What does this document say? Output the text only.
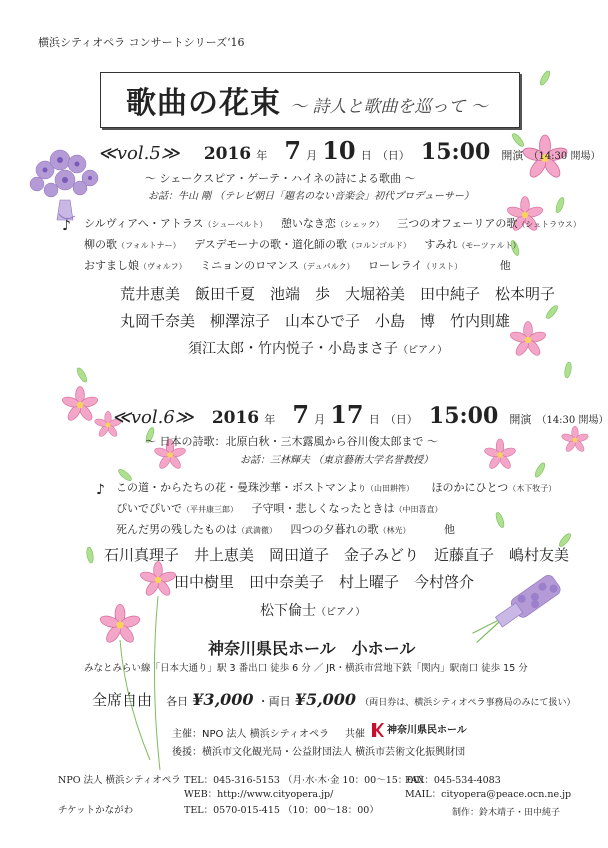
横浜シティオペラ コンサートシリーズ‘16
歌曲の花束 ～ 詩人と歌曲を巡って ～
≪vol.5≫ 2016 年 7 月 10 日 （日） 15:00 開演 （14:30 開場）
～ シェークスピア・ゲーテ・ハイネの詩による歌曲 ～
お話：牛山 剛 （テレビ朝日「題名のない音楽会」初代プロデューサー）
♪ シルヴィアへ・アトラス（シューベルト） 憩いなき恋（シェック） 三つのオフェーリアの歌（シュトラウス）
柳の歌（フォルトナー） デスデモーナの歌・道化師の歌（コルンゴルド） すみれ（モーツァルト）
おすまし娘（ヴォルフ） ミニョンのロマンス（デュパルク） ローレライ（リスト）	他
荒井恵美　飯田千夏　池端　歩　大堀裕美　田中純子　松本明子
丸岡千奈美　柳澤涼子　山本ひで子　小島　博　竹内則雄
須江太郎・竹内悦子・小島まさ子（ピアノ）
≪vol.6≫ 2016 年 7 月 17 日 （日） 15:00 開演 （14:30 開場）
～ 日本の詩歌：北原白秋・三木露風から谷川俊太郎まで ～
お話：三林輝夫 （東京藝術大学名誉教授）
♪ この道・からたちの花・曼珠沙華・ボストマンより（山田耕筰） ほのかにひとつ（木下牧子）
ぴいでぴいで（平井康三郎） 子守唄・悲しくなったときは（中田喜直）
死んだ男の残したものは（武満徹） 四つの夕暮れの歌（林光）	他
石川真理子　井上恵美　岡田道子　金子みどり　近藤直子　嶋村友美
田中樹里　田中奈美子　村上曜子　今村啓介
松下倫士（ピアノ）
神奈川県民ホール　小ホール
みなとみらい線「日本大通り」駅 3 番出口 徒歩 6 分 ／ JR・横浜市営地下鉄「関内」駅南口 徒歩 15 分
全席自由 各日 ¥3,000 ・両日 ¥5,000 （両日券は、横浜シティオペラ事務局のみにて扱い）
主催：NPO 法人 横浜シティオペラ 共催	神奈川県民ホール
後援：横浜市文化観光局・公益財団法人 横浜市芸術文化振興財団
NPO 法人 横浜シティオペラ TEL：045-316-5153 （月·水·木·金 10：00～15：00）
FAX：045-534-4083
WEB：http://www.cityopera.jp/	MAIL：cityopera@peace.ocn.ne.jp
チケットかながわ	TEL：0570-015-415 （10：00～18：00）	制作：鈴木靖子・田中純子
